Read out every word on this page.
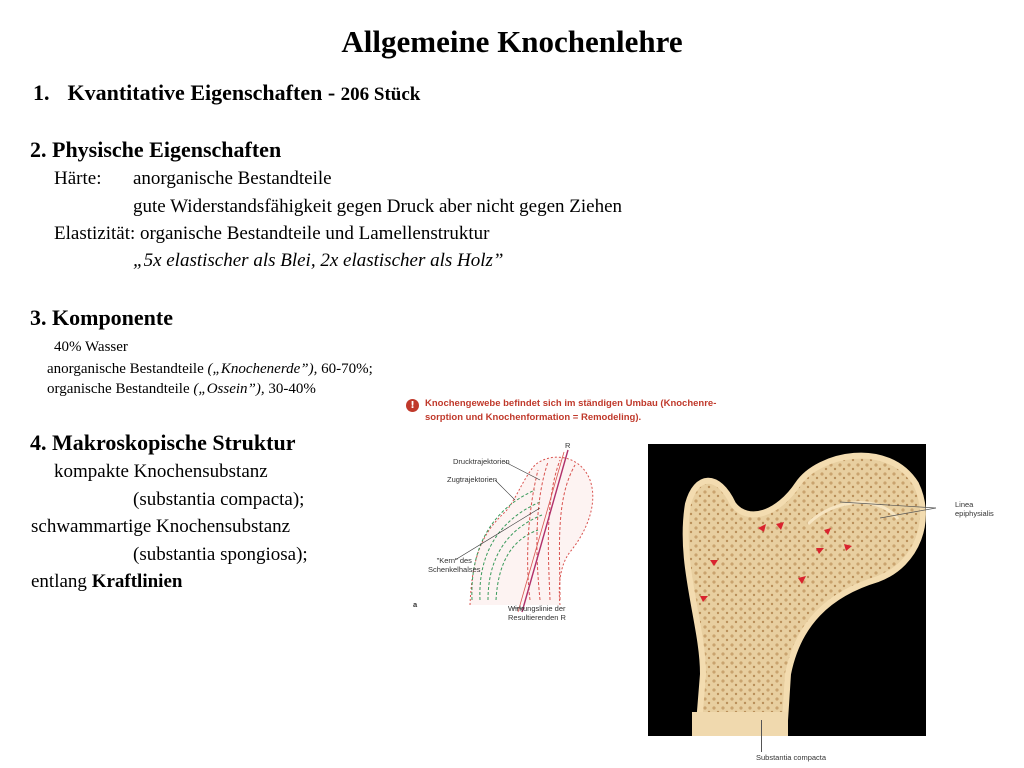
Allgemeine Knochenlehre
1. Kvantitative Eigenschaften - 206 Stück
2. Physische Eigenschaften
Härte: anorganische Bestandteile
gute Widerstandsfähigkeit gegen Druck aber nicht gegen Ziehen
Elastizität: organische Bestandteile und Lamellenstruktur
„5x elastischer als Blei, 2x elastischer als Holz”
3. Komponente
40% Wasser
anorganische Bestandteile („Knochenerde”), 60-70%;
organische Bestandteile („Ossein”), 30-40%
4. Makroskopische Struktur
kompakte Knochensubstanz
(substantia compacta);
schwammartige Knochensubstanz
(substantia spongiosa);
entlang Kraftlinien
!	Knochengewebe befindet sich im ständigen Umbau (Knochenre-
sorption und Knochenformation = Remodeling).
R
Drucktrajektorien
Zugtrajektorien
"Kern" des
Schenkelhalses
a	Wirkungslinie der
Resultierenden R
Linea
epiphysialis
Substantia compacta
